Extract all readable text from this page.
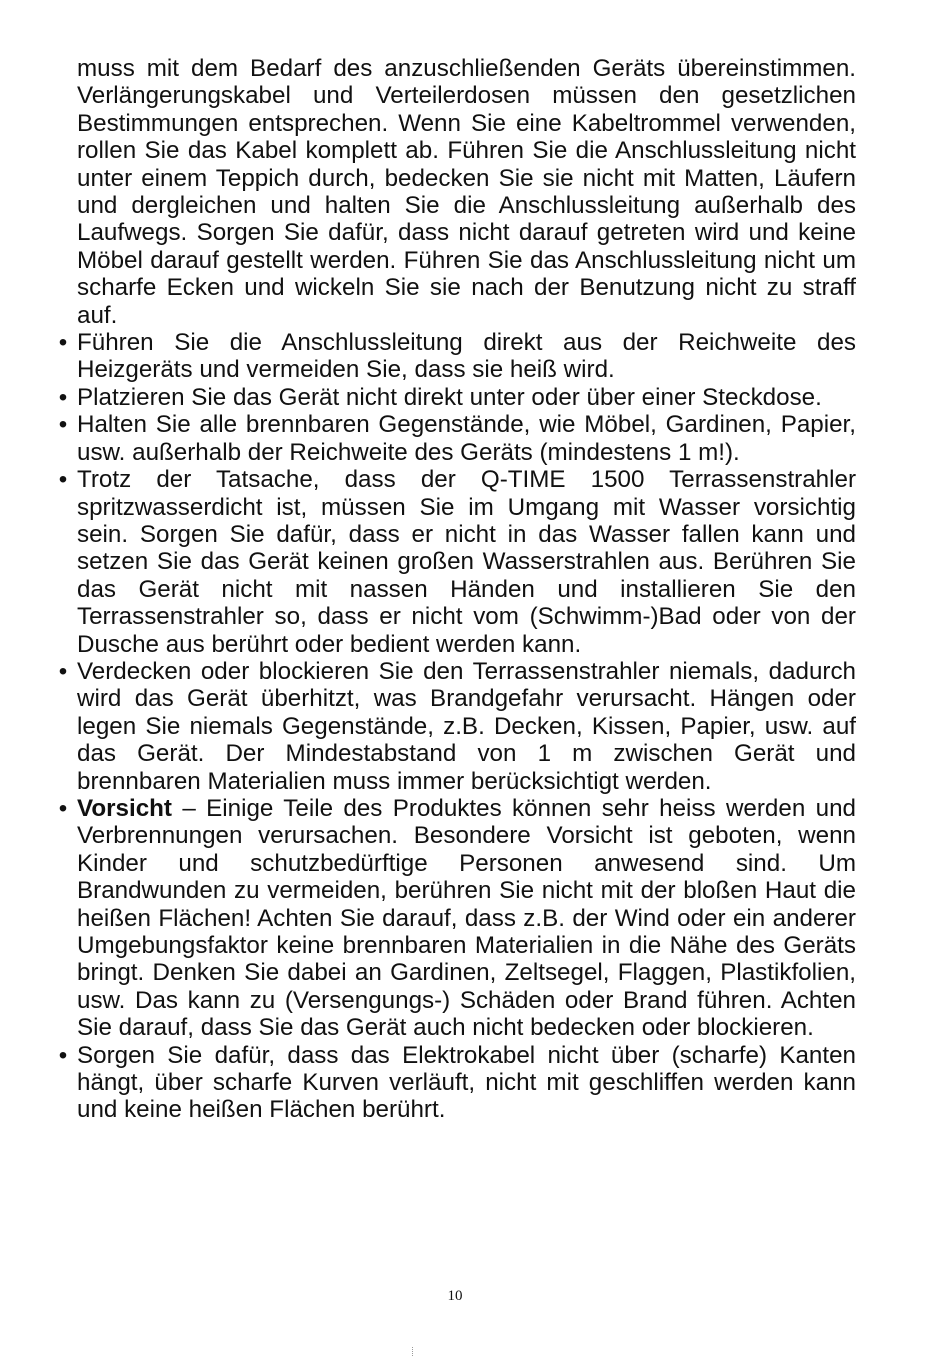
muss mit dem Bedarf des anzuschließenden Geräts übereinstimmen. Verlängerungskabel und Verteilerdosen müssen den gesetzlichen Bestimmungen entsprechen. Wenn Sie eine Kabeltrommel verwenden, rollen Sie das Kabel komplett ab. Führen Sie die Anschlussleitung nicht unter einem Teppich durch, bedecken Sie sie nicht mit Matten, Läufern und dergleichen und halten Sie die Anschlussleitung außerhalb des Laufwegs. Sorgen Sie dafür, dass nicht darauf getreten wird und keine Möbel darauf gestellt werden. Führen Sie das Anschlussleitung nicht um scharfe Ecken und wickeln Sie sie nach der Benutzung nicht zu straff auf.

• Führen Sie die Anschlussleitung direkt aus der Reichweite des Heizgeräts und vermeiden Sie, dass sie heiß wird.
• Platzieren Sie das Gerät nicht direkt unter oder über einer Steckdose.
• Halten Sie alle brennbaren Gegenstände, wie Möbel, Gardinen, Papier, usw. außerhalb der Reichweite des Geräts (mindestens 1 m!).
• Trotz der Tatsache, dass der Q-TIME 1500 Terrassenstrahler spritzwasserdicht ist, müssen Sie im Umgang mit Wasser vorsichtig sein. Sorgen Sie dafür, dass er nicht in das Wasser fallen kann und setzen Sie das Gerät keinen großen Wasserstrahlen aus. Berühren Sie das Gerät nicht mit nassen Händen und installieren Sie den Terrassenstrahler so, dass er nicht vom (Schwimm-)Bad oder von der Dusche aus berührt oder bedient werden kann.
• Verdecken oder blockieren Sie den Terrassenstrahler niemals, dadurch wird das Gerät überhitzt, was Brandgefahr verursacht. Hängen oder legen Sie niemals Gegenstände, z.B. Decken, Kissen, Papier, usw. auf das Gerät. Der Mindestabstand von 1 m zwischen Gerät und brennbaren Materialien muss immer berücksichtigt werden.
• Vorsicht – Einige Teile des Produktes können sehr heiss werden und Verbrennungen verursachen. Besondere Vorsicht ist geboten, wenn Kinder und schutzbedürftige Personen anwesend sind. Um Brandwunden zu vermeiden, berühren Sie nicht mit der bloßen Haut die heißen Flächen! Achten Sie darauf, dass z.B. der Wind oder ein anderer Umgebungsfaktor keine brennbaren Materialien in die Nähe des Geräts bringt. Denken Sie dabei an Gardinen, Zeltsegel, Flaggen, Plastikfolien, usw. Das kann zu (Versengungs-) Schäden oder Brand führen. Achten Sie darauf, dass Sie das Gerät auch nicht bedecken oder blockieren.
• Sorgen Sie dafür, dass das Elektrokabel nicht über (scharfe) Kanten hängt, über scharfe Kurven verläuft, nicht mit geschliffen werden kann und keine heißen Flächen berührt.
10
